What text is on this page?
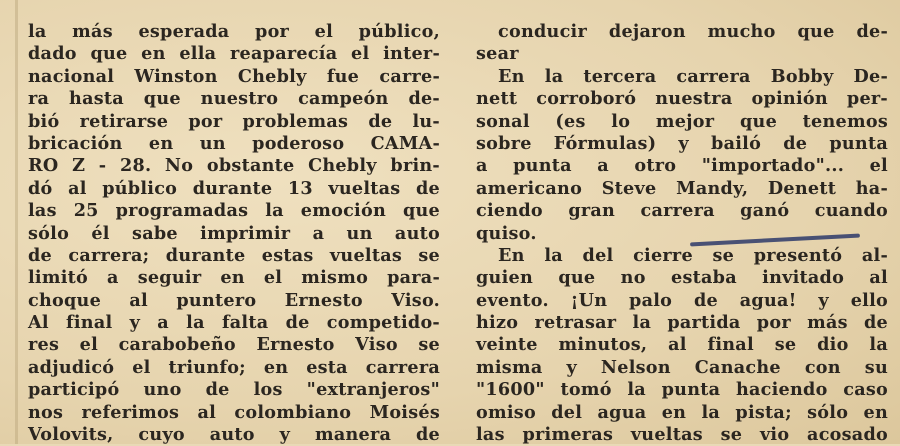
la más esperada por el público,
dado que en ella reaparecía el inter-
nacional Winston Chebly fue carre-
ra hasta que nuestro campeón de-
bió retirarse por problemas de lu-
bricación en un poderoso CAMA-
RO Z - 28. No obstante Chebly brin-
dó al público durante 13 vueltas de
las 25 programadas la emoción que
sólo él sabe imprimir a un auto
de carrera; durante estas vueltas se
limitó a seguir en el mismo para-
choque al puntero Ernesto Viso.
Al final y a la falta de competido-
res el carabobeño Ernesto Viso se
adjudicó el triunfo; en esta carrera
participó uno de los "extranjeros"
nos referimos al colombiano Moisés
Volovits, cuyo auto y manera de
conducir dejaron mucho que de-
sear
En la tercera carrera Bobby De-
nett corroboró nuestra opinión per-
sonal (es lo mejor que tenemos
sobre Fórmulas) y bailó de punta
a punta a otro "importado"... el
americano Steve Mandy, Denett ha-
ciendo gran carrera ganó cuando
quiso.
En la del cierre se presentó al-
guien que no estaba invitado al
evento. ¡Un palo de agua! y ello
hizo retrasar la partida por más de
veinte minutos, al final se dio la
misma y Nelson Canache con su
"1600" tomó la punta haciendo caso
omiso del agua en la pista; sólo en
las primeras vueltas se vio acosado
